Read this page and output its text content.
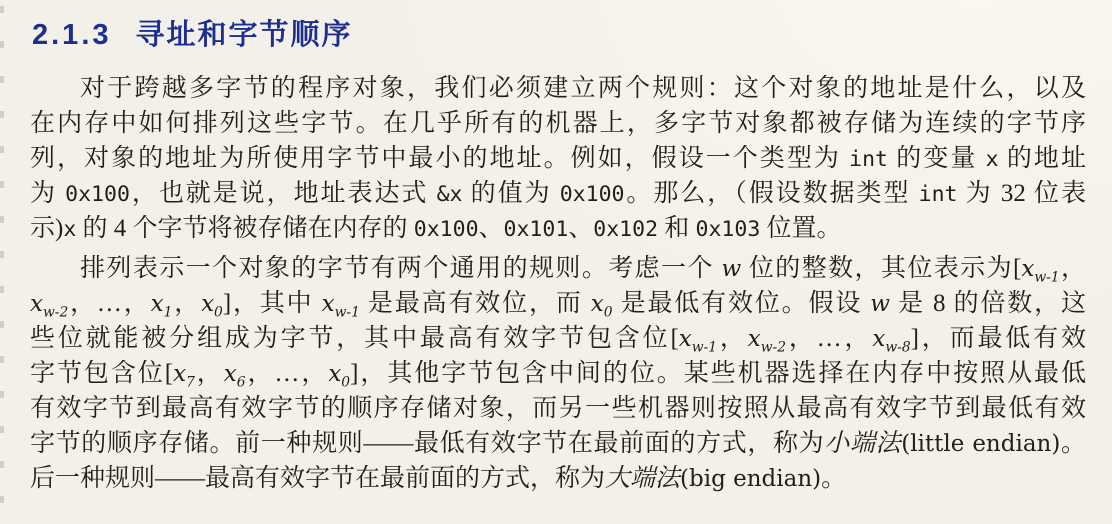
2.1.3 寻址和字节顺序
对于跨越多字节的程序对象，我们必须建立两个规则：这个对象的地址是什么，以及
在内存中如何排列这些字节。在几乎所有的机器上，多字节对象都被存储为连续的字节序
列，对象的地址为所使用字节中最小的地址。例如，假设一个类型为 int 的变量 x 的地址
为 0x100，也就是说，地址表达式 &x 的值为 0x100。那么，（假设数据类型 int 为 32 位表
示)x 的 4 个字节将被存储在内存的 0x100、0x101、0x102 和 0x103 位置。
排列表示一个对象的字节有两个通用的规则。考虑一个 w 位的整数，其位表示为[$x_{w-1}$，
$x_{w-2}$，…，$x_1$，$x_0$]，其中 $x_{w-1}$ 是最高有效位，而 $x_0$ 是最低有效位。假设 w 是 8 的倍数，这
些位就能被分组成为字节，其中最高有效字节包含位[$x_{w-1}$，$x_{w-2}$，…，$x_{w-8}$]，而最低有效
字节包含位[$x_7$，$x_6$，…，$x_0$]，其他字节包含中间的位。某些机器选择在内存中按照从最低
有效字节到最高有效字节的顺序存储对象，而另一些机器则按照从最高有效字节到最低有效
字节的顺序存储。前一种规则——最低有效字节在最前面的方式，称为小端法(little endian)。
后一种规则——最高有效字节在最前面的方式，称为大端法(big endian)。
